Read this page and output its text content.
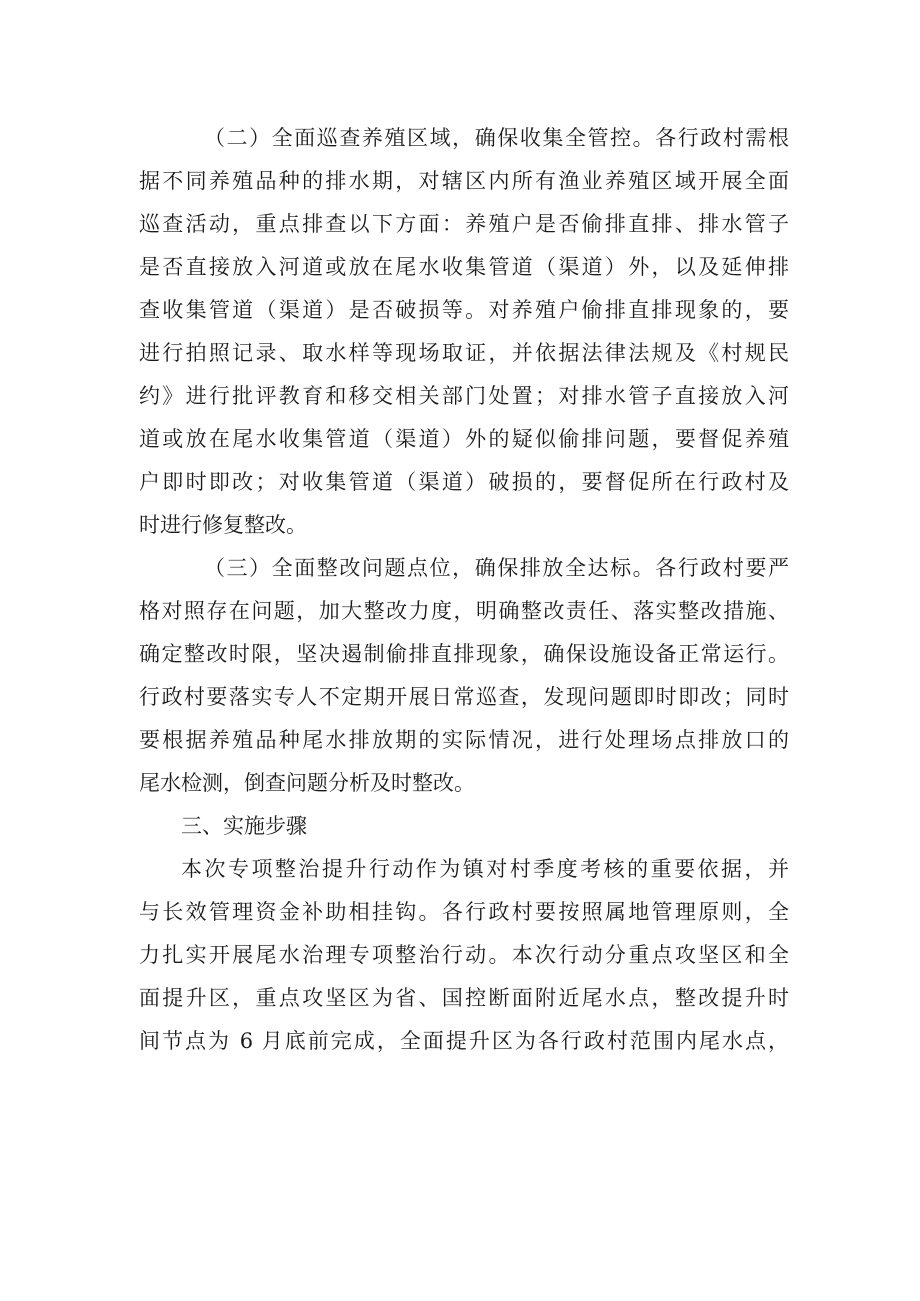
（二）全面巡查养殖区域，确保收集全管控。各行政村需根
据不同养殖品种的排水期，对辖区内所有渔业养殖区域开展全面
巡查活动，重点排查以下方面：养殖户是否偷排直排、排水管子
是否直接放入河道或放在尾水收集管道（渠道）外，以及延伸排
查收集管道（渠道）是否破损等。对养殖户偷排直排现象的，要
进行拍照记录、取水样等现场取证，并依据法律法规及《村规民
约》进行批评教育和移交相关部门处置；对排水管子直接放入河
道或放在尾水收集管道（渠道）外的疑似偷排问题，要督促养殖
户即时即改；对收集管道（渠道）破损的，要督促所在行政村及
时进行修复整改。
（三）全面整改问题点位，确保排放全达标。各行政村要严
格对照存在问题，加大整改力度，明确整改责任、落实整改措施、
确定整改时限，坚决遏制偷排直排现象，确保设施设备正常运行。
行政村要落实专人不定期开展日常巡查，发现问题即时即改；同时
要根据养殖品种尾水排放期的实际情况，进行处理场点排放口的
尾水检测，倒查问题分析及时整改。
三、实施步骤
本次专项整治提升行动作为镇对村季度考核的重要依据，并
与长效管理资金补助相挂钩。各行政村要按照属地管理原则，全
力扎实开展尾水治理专项整治行动。本次行动分重点攻坚区和全
面提升区，重点攻坚区为省、国控断面附近尾水点，整改提升时
间节点为 6 月底前完成，全面提升区为各行政村范围内尾水点，
